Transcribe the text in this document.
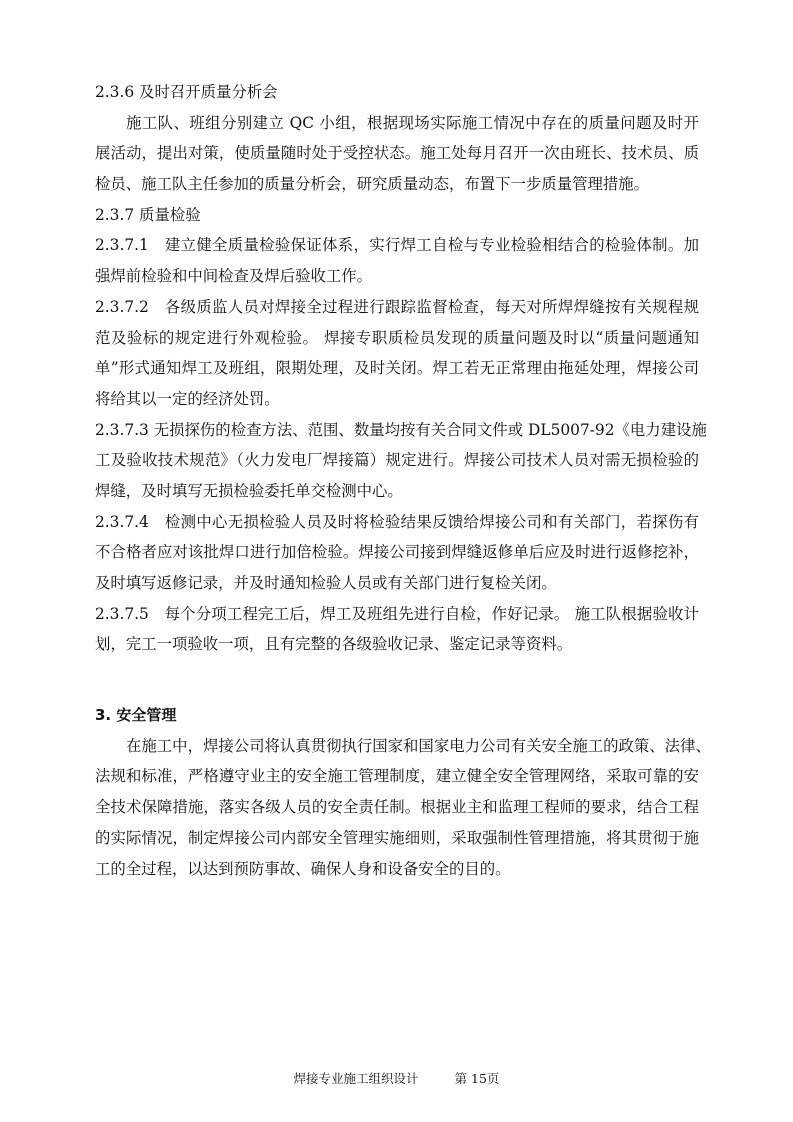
2.3.6 及时召开质量分析会
施工队、班组分别建立 QC 小组，根据现场实际施工情况中存在的质量问题及时开
展活动，提出对策，使质量随时处于受控状态。施工处每月召开一次由班长、技术员、质
检员、施工队主任参加的质量分析会，研究质量动态，布置下一步质量管理措施。
2.3.7 质量检验
2.3.7.1　建立健全质量检验保证体系，实行焊工自检与专业检验相结合的检验体制。加
强焊前检验和中间检查及焊后验收工作。
2.3.7.2　各级质监人员对焊接全过程进行跟踪监督检查，每天对所焊焊缝按有关规程规
范及验标的规定进行外观检验。 焊接专职质检员发现的质量问题及时以“质量问题通知
单”形式通知焊工及班组，限期处理，及时关闭。焊工若无正常理由拖延处理，焊接公司
将给其以一定的经济处罚。
2.3.7.3 无损探伤的检查方法、范围、数量均按有关合同文件或 DL5007-92《电力建设施
工及验收技术规范》（火力发电厂焊接篇）规定进行。焊接公司技术人员对需无损检验的
焊缝，及时填写无损检验委托单交检测中心。
2.3.7.4　检测中心无损检验人员及时将检验结果反馈给焊接公司和有关部门，若探伤有
不合格者应对该批焊口进行加倍检验。焊接公司接到焊缝返修单后应及时进行返修挖补，
及时填写返修记录，并及时通知检验人员或有关部门进行复检关闭。
2.3.7.5　每个分项工程完工后，焊工及班组先进行自检，作好记录。 施工队根据验收计
划，完工一项验收一项，且有完整的各级验收记录、鉴定记录等资料。
3. 安全管理
在施工中，焊接公司将认真贯彻执行国家和国家电力公司有关安全施工的政策、法律、
法规和标准，严格遵守业主的安全施工管理制度，建立健全安全管理网络，采取可靠的安
全技术保障措施，落实各级人员的安全责任制。根据业主和监理工程师的要求，结合工程
的实际情况，制定焊接公司内部安全管理实施细则，采取强制性管理措施，将其贯彻于施
工的全过程，以达到预防事故、确保人身和设备安全的目的。
焊接专业施工组织设计	第 15页
